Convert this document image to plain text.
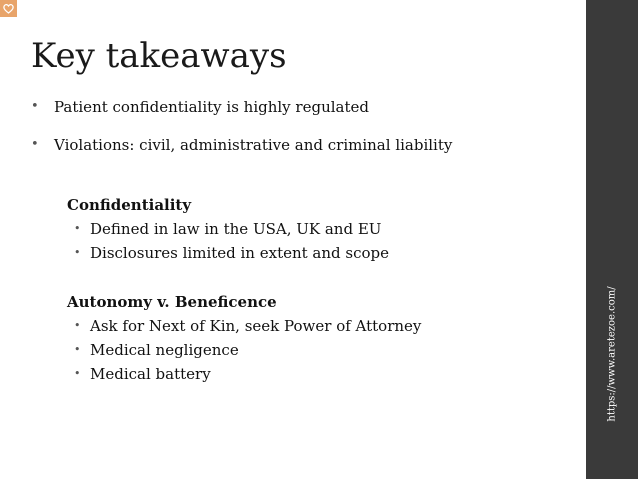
Key takeaways
• Patient confidentiality is highly regulated
• Violations: civil, administrative and criminal liability
Confidentiality
• Defined in law in the USA, UK and EU
• Disclosures limited in extent and scope
Autonomy v. Beneficence
• Ask for Next of Kin, seek Power of Attorney
• Medical negligence
• Medical battery	https://www.aretezoe.com/
